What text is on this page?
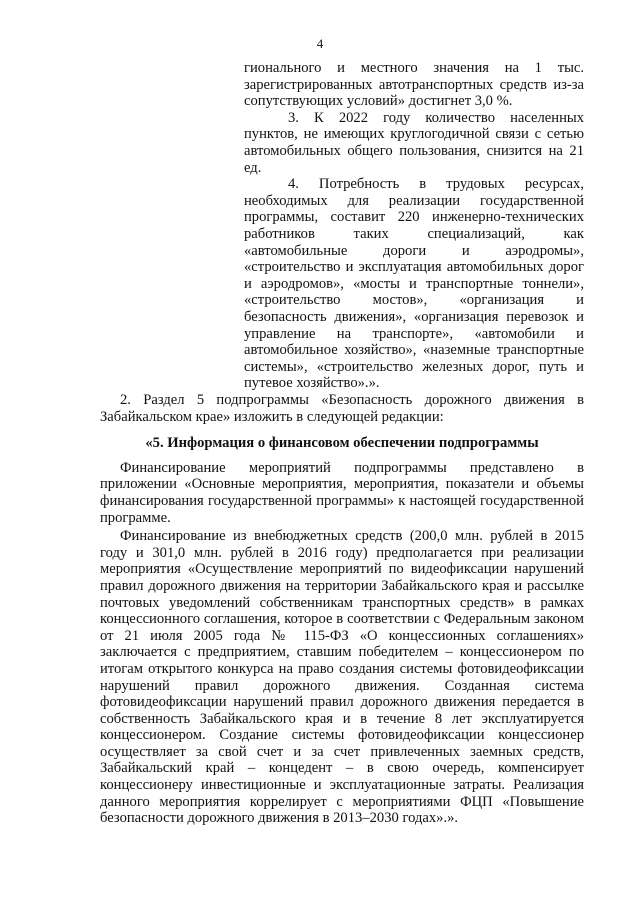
4

гионального и местного значения на 1 тыс. зарегистрированных автотранспортных средств из-за сопутствующих условий» достигнет 3,0 %.

3. К 2022 году количество населенных пунктов, не имеющих круглогодичной связи с сетью автомобильных общего пользования, снизится на 21 ед.

4. Потребность в трудовых ресурсах, необходимых для реализации государственной программы, составит 220 инженерно-технических работников таких специализаций, как «автомобильные дороги и аэродромы», «строительство и эксплуатация автомобильных дорог и аэродромов», «мосты и транспортные тоннели», «строительство мостов», «организация и безопасность движения», «организация перевозок и управление на транспорте», «автомобили и автомобильное хозяйство», «наземные транспортные системы», «строительство железных дорог, путь и путевое хозяйство».».

2. Раздел 5 подпрограммы «Безопасность дорожного движения в Забайкальском крае» изложить в следующей редакции:

«5. Информация о финансовом обеспечении подпрограммы

Финансирование мероприятий подпрограммы представлено в приложении «Основные мероприятия, мероприятия, показатели и объемы финансирования государственной программы» к настоящей государственной программе.

Финансирование из внебюджетных средств (200,0 млн. рублей в 2015 году и 301,0 млн. рублей в 2016 году) предполагается при реализации мероприятия «Осуществление мероприятий по видеофиксации нарушений правил дорожного движения на территории Забайкальского края и рассылке почтовых уведомлений собственникам транспортных средств» в рамках концессионного соглашения, которое в соответствии с Федеральным законом от 21 июля 2005 года № 115-ФЗ «О концессионных соглашениях» заключается с предприятием, ставшим победителем – концессионером по итогам открытого конкурса на право создания системы фотовидеофиксации нарушений правил дорожного движения. Созданная система фотовидеофиксации нарушений правил дорожного движения передается в собственность Забайкальского края и в течение 8 лет эксплуатируется концессионером. Создание системы фотовидеофиксации концессионер осуществляет за свой счет и за счет привлеченных заемных средств, Забайкальский край – концедент – в свою очередь, компенсирует концессионеру инвестиционные и эксплуатационные затраты. Реализация данного мероприятия коррелирует с мероприятиями ФЦП «Повышение безопасности дорожного движения в 2013–2030 годах».».
